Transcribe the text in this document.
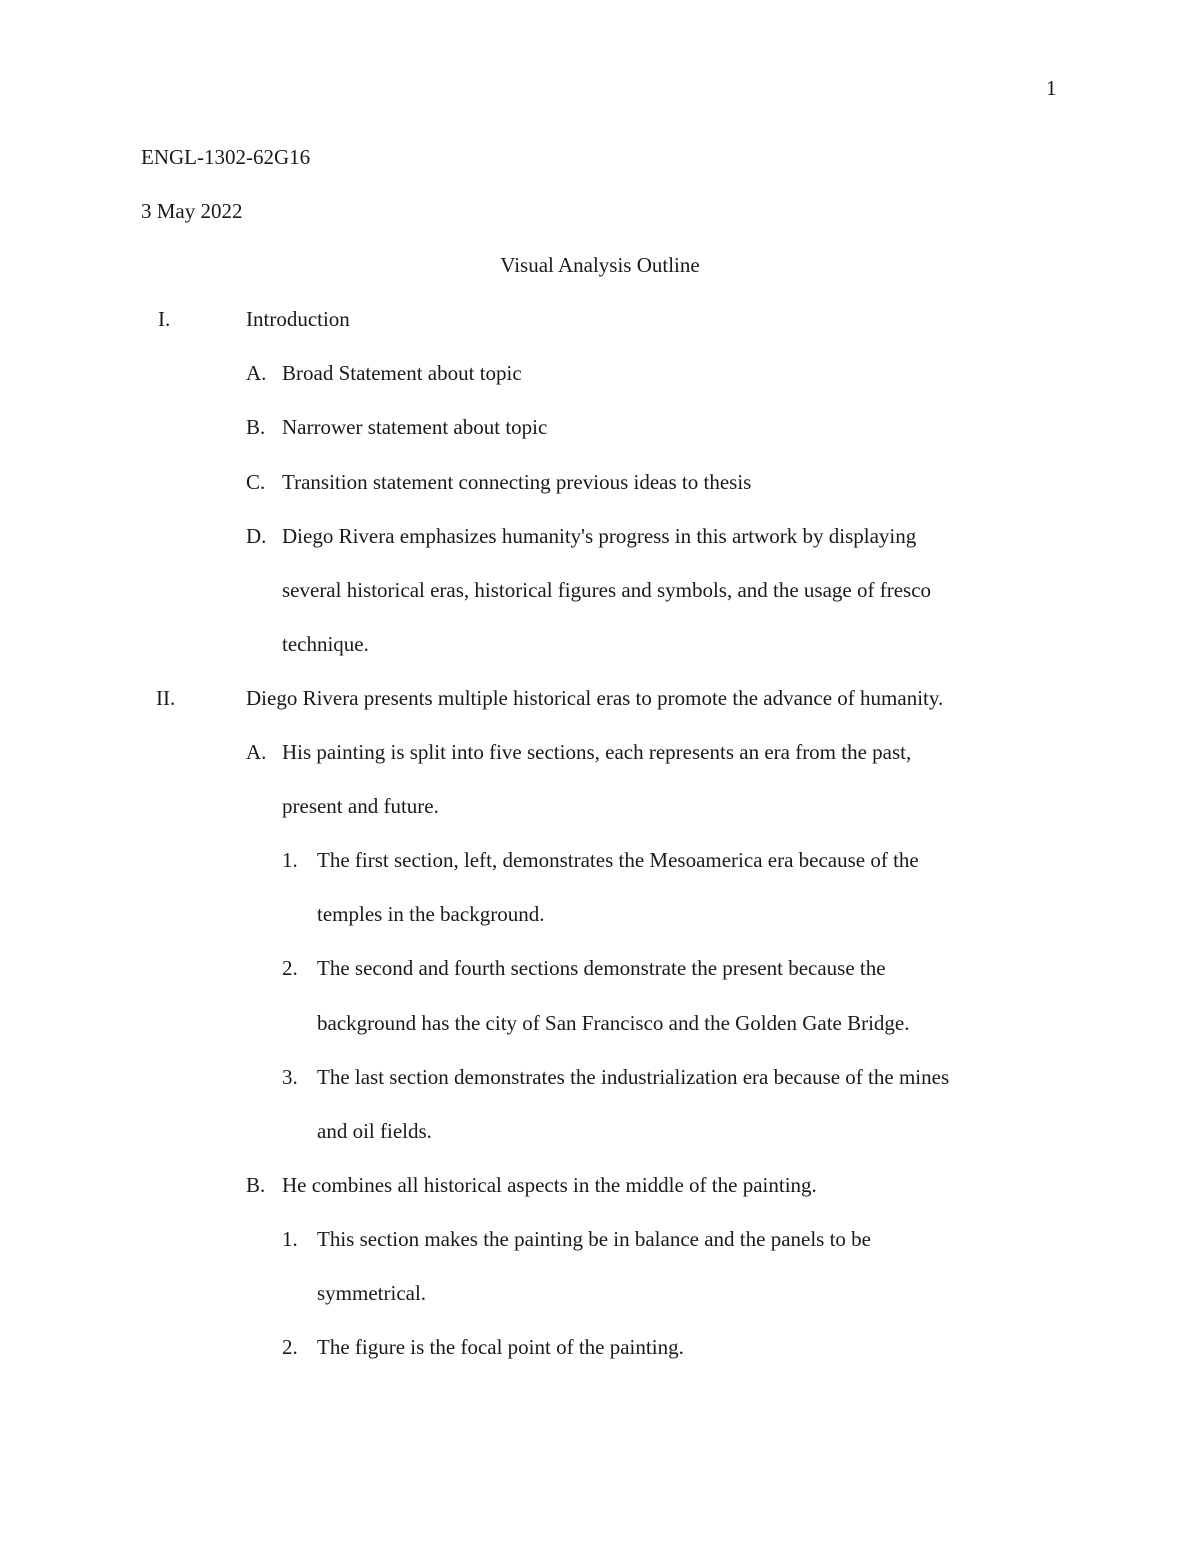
1
ENGL-1302-62G16
3 May 2022
Visual Analysis Outline
I.	Introduction
A. Broad Statement about topic
B. Narrower statement about topic
C. Transition statement connecting previous ideas to thesis
D. Diego Rivera emphasizes humanity's progress in this artwork by displaying
several historical eras, historical figures and symbols, and the usage of fresco
technique.
II.	Diego Rivera presents multiple historical eras to promote the advance of humanity.
A. His painting is split into five sections, each represents an era from the past,
present and future.
1. The first section, left, demonstrates the Mesoamerica era because of the
temples in the background.
2. The second and fourth sections demonstrate the present because the
background has the city of San Francisco and the Golden Gate Bridge.
3. The last section demonstrates the industrialization era because of the mines
and oil fields.
B. He combines all historical aspects in the middle of the painting.
1. This section makes the painting be in balance and the panels to be
symmetrical.
2. The figure is the focal point of the painting.
